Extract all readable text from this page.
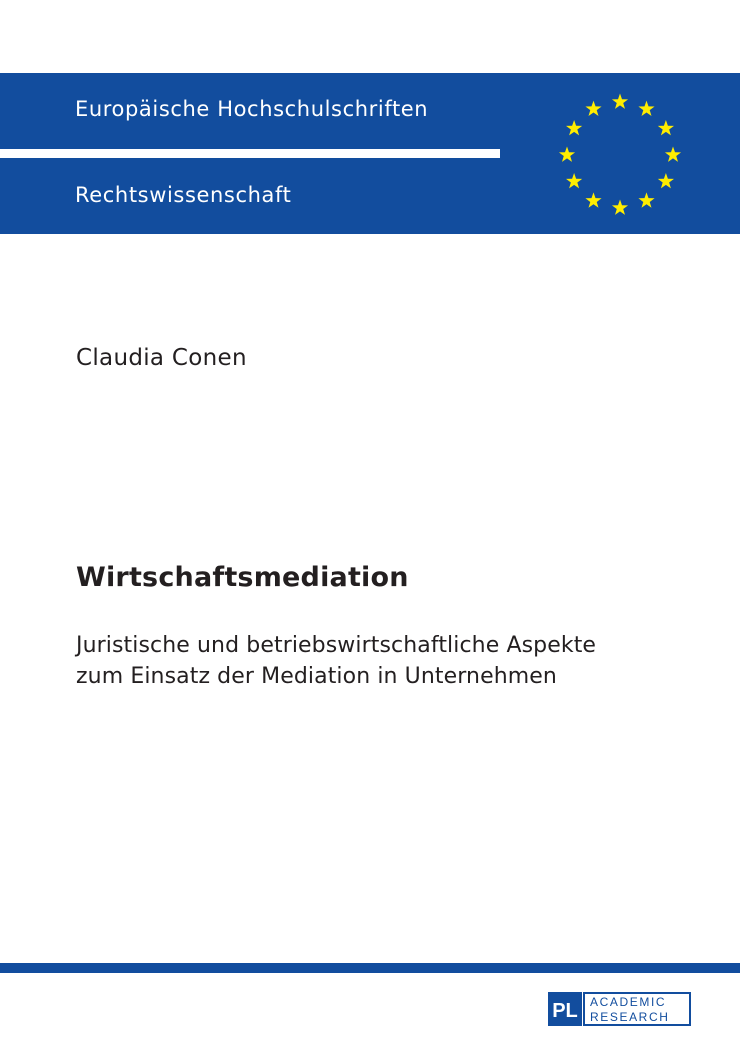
Europäische Hochschulschriften
Rechtswissenschaft
Claudia Conen
Wirtschaftsmediation
Juristische und betriebswirtschaftliche Aspekte
zum Einsatz der Mediation in Unternehmen
PL ACADEMIC
RESEARCH
